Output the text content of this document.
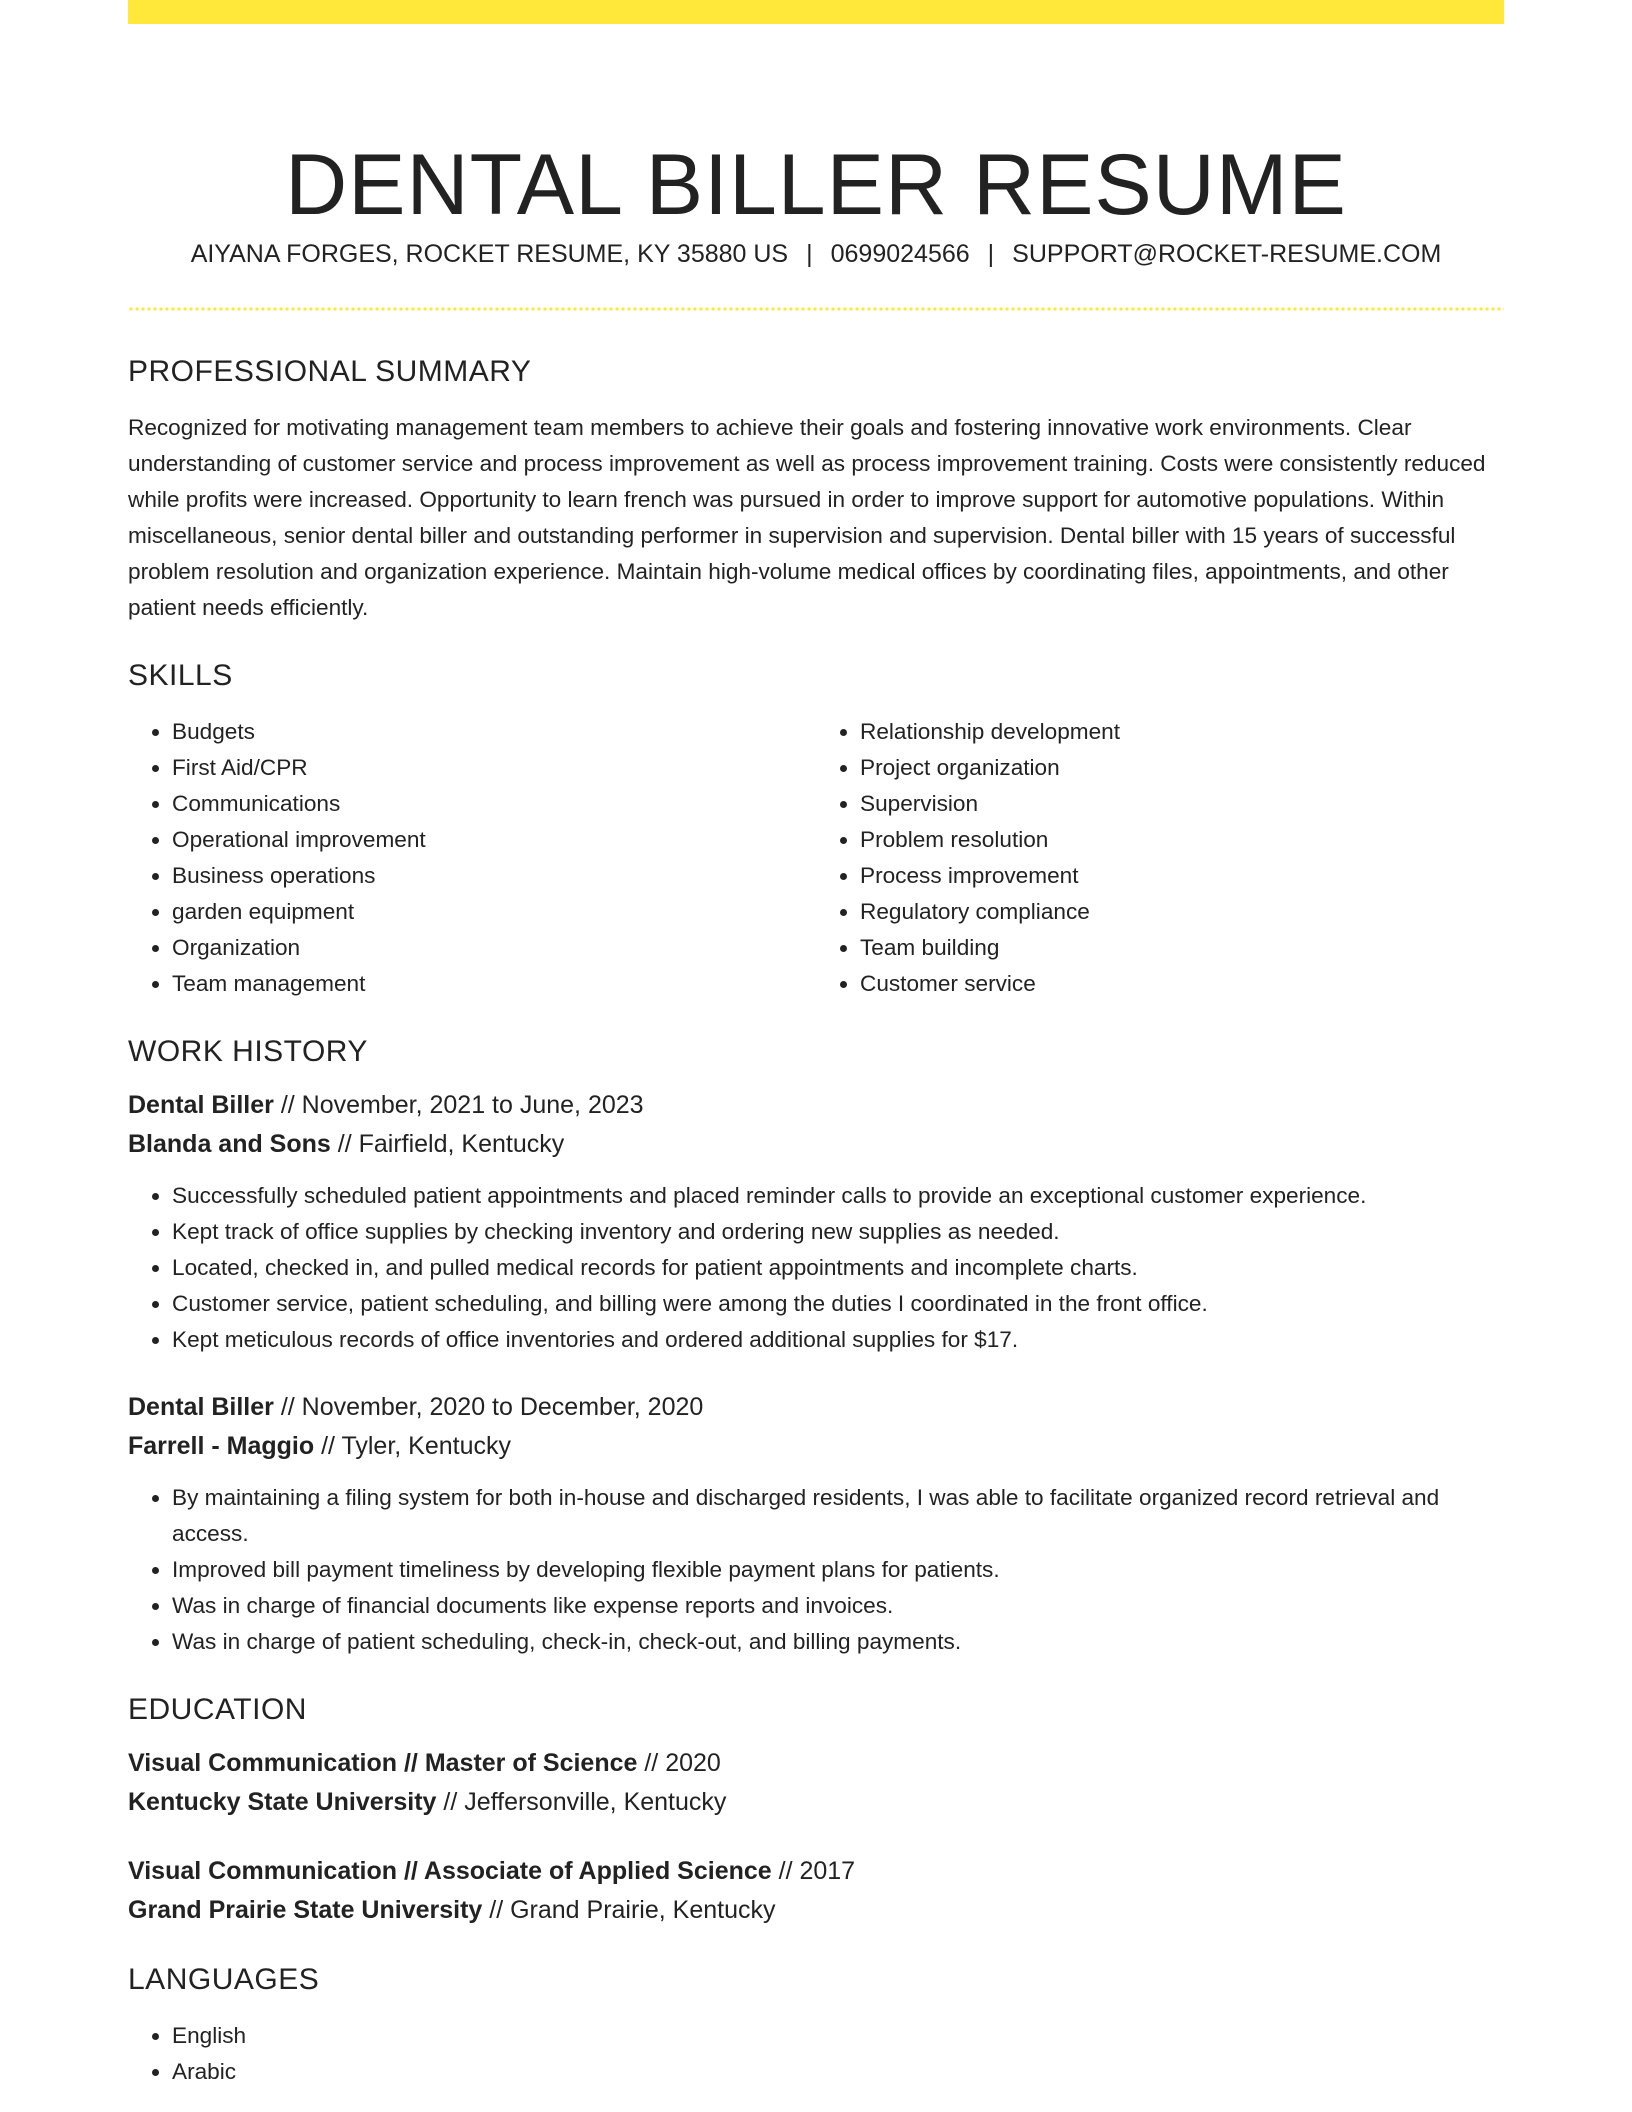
DENTAL BILLER RESUME
AIYANA FORGES, ROCKET RESUME, KY 35880 US | 0699024566 | SUPPORT@ROCKET-RESUME.COM
PROFESSIONAL SUMMARY

Recognized for motivating management team members to achieve their goals and fostering innovative work environments. Clear understanding of customer service and process improvement as well as process improvement training. Costs were consistently reduced while profits were increased. Opportunity to learn french was pursued in order to improve support for automotive populations. Within miscellaneous, senior dental biller and outstanding performer in supervision and supervision. Dental biller with 15 years of successful problem resolution and organization experience. Maintain high-volume medical offices by coordinating files, appointments, and other patient needs efficiently.

SKILLS
• Budgets
• First Aid/CPR
• Communications
• Operational improvement
• Business operations
• garden equipment
• Organization
• Team management
• Relationship development
• Project organization
• Supervision
• Problem resolution
• Process improvement
• Regulatory compliance
• Team building
• Customer service
WORK HISTORY
Dental Biller // November, 2021 to June, 2023
Blanda and Sons // Fairfield, Kentucky
• Successfully scheduled patient appointments and placed reminder calls to provide an exceptional customer experience.
• Kept track of office supplies by checking inventory and ordering new supplies as needed.
• Located, checked in, and pulled medical records for patient appointments and incomplete charts.
• Customer service, patient scheduling, and billing were among the duties I coordinated in the front office.
• Kept meticulous records of office inventories and ordered additional supplies for $17.
Dental Biller // November, 2020 to December, 2020
Farrell - Maggio // Tyler, Kentucky
• By maintaining a filing system for both in-house and discharged residents, I was able to facilitate organized record retrieval and access.
• Improved bill payment timeliness by developing flexible payment plans for patients.
• Was in charge of financial documents like expense reports and invoices.
• Was in charge of patient scheduling, check-in, check-out, and billing payments.
EDUCATION
Visual Communication // Master of Science // 2020
Kentucky State University // Jeffersonville, Kentucky
Visual Communication // Associate of Applied Science // 2017
Grand Prairie State University // Grand Prairie, Kentucky
LANGUAGES
• English
• Arabic
